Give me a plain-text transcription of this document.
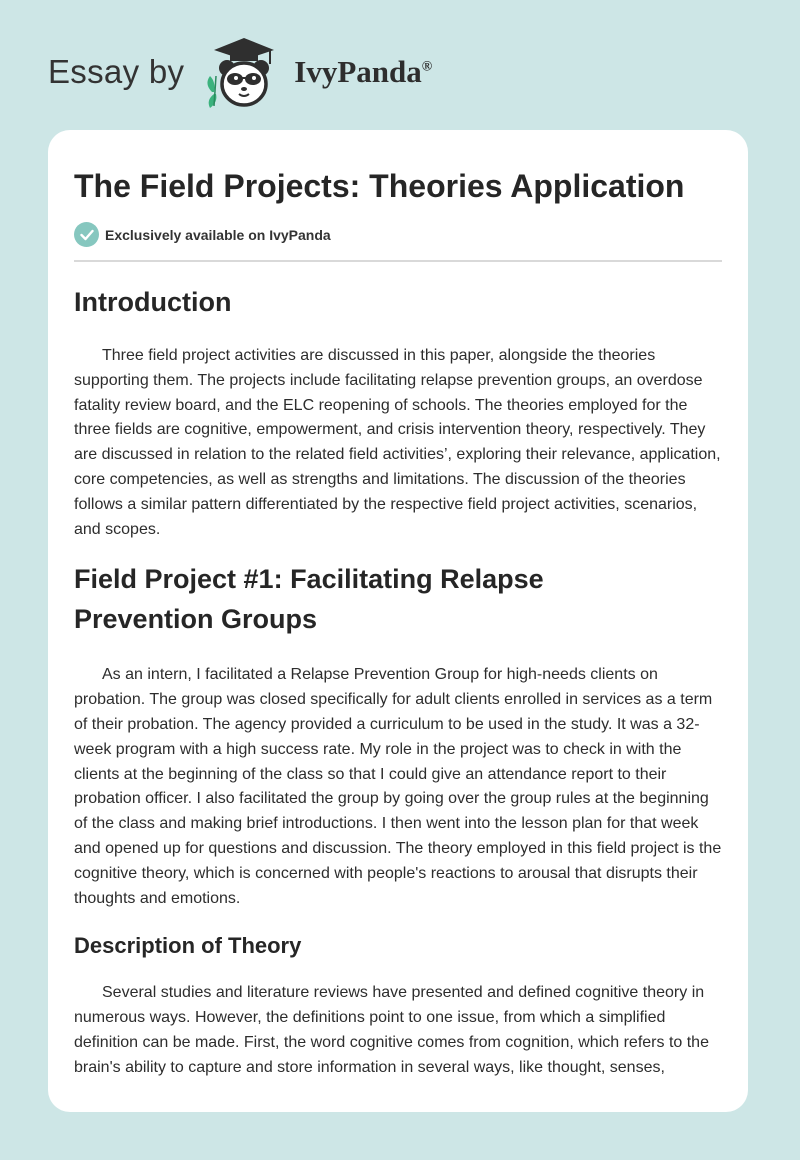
Essay by	IvyPanda®
The Field Projects: Theories Application
Exclusively available on IvyPanda
Introduction

Three field project activities are discussed in this paper, alongside the theories supporting them. The projects include facilitating relapse prevention groups, an overdose fatality review board, and the ELC reopening of schools. The theories employed for the three fields are cognitive, empowerment, and crisis intervention theory, respectively. They are discussed in relation to the related field activities’, exploring their relevance, application, core competencies, as well as strengths and limitations. The discussion of the theories follows a similar pattern differentiated by the respective field project activities, scenarios, and scopes.

Field Project #1: Facilitating Relapse Prevention Groups

As an intern, I facilitated a Relapse Prevention Group for high-needs clients on probation. The group was closed specifically for adult clients enrolled in services as a term of their probation. The agency provided a curriculum to be used in the study. It was a 32-week program with a high success rate. My role in the project was to check in with the clients at the beginning of the class so that I could give an attendance report to their probation officer. I also facilitated the group by going over the group rules at the beginning of the class and making brief introductions. I then went into the lesson plan for that week and opened up for questions and discussion. The theory employed in this field project is the cognitive theory, which is concerned with people's reactions to arousal that disrupts their thoughts and emotions.

Description of Theory

Several studies and literature reviews have presented and defined cognitive theory in numerous ways. However, the definitions point to one issue, from which a simplified definition can be made. First, the word cognitive comes from cognition, which refers to the brain's ability to capture and store information in several ways, like thought, senses,
